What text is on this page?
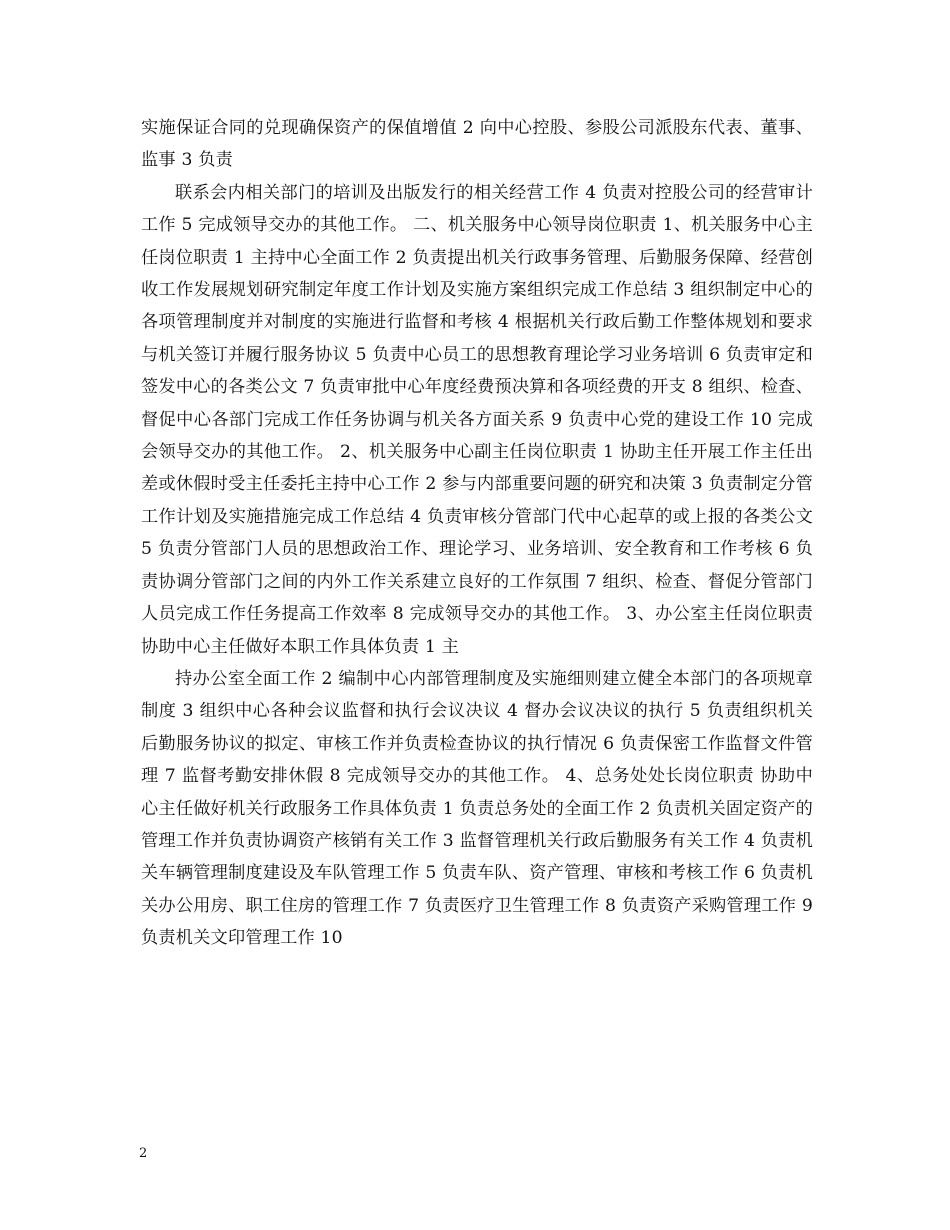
实施保证合同的兑现确保资产的保值增值 2 向中心控股、参股公司派股东代表、董事、监事 3 负责

联系会内相关部门的培训及出版发行的相关经营工作 4 负责对控股公司的经营审计工作 5 完成领导交办的其他工作。 二、机关服务中心领导岗位职责 1、机关服务中心主任岗位职责 1 主持中心全面工作 2 负责提出机关行政事务管理、后勤服务保障、经营创收工作发展规划研究制定年度工作计划及实施方案组织完成工作总结 3 组织制定中心的各项管理制度并对制度的实施进行监督和考核 4 根据机关行政后勤工作整体规划和要求与机关签订并履行服务协议 5 负责中心员工的思想教育理论学习业务培训 6 负责审定和签发中心的各类公文 7 负责审批中心年度经费预决算和各项经费的开支 8 组织、检查、督促中心各部门完成工作任务协调与机关各方面关系 9 负责中心党的建设工作 10 完成会领导交办的其他工作。 2、机关服务中心副主任岗位职责 1 协助主任开展工作主任出差或休假时受主任委托主持中心工作 2 参与内部重要问题的研究和决策 3 负责制定分管工作计划及实施措施完成工作总结 4 负责审核分管部门代中心起草的或上报的各类公文 5 负责分管部门人员的思想政治工作、理论学习、业务培训、安全教育和工作考核 6 负责协调分管部门之间的内外工作关系建立良好的工作氛围 7 组织、检查、督促分管部门人员完成工作任务提高工作效率 8 完成领导交办的其他工作。 3、办公室主任岗位职责 协助中心主任做好本职工作具体负责 1 主

持办公室全面工作 2 编制中心内部管理制度及实施细则建立健全本部门的各项规章制度 3 组织中心各种会议监督和执行会议决议 4 督办会议决议的执行 5 负责组织机关后勤服务协议的拟定、审核工作并负责检查协议的执行情况 6 负责保密工作监督文件管理 7 监督考勤安排休假 8 完成领导交办的其他工作。 4、总务处处长岗位职责 协助中心主任做好机关行政服务工作具体负责 1 负责总务处的全面工作 2 负责机关固定资产的管理工作并负责协调资产核销有关工作 3 监督管理机关行政后勤服务有关工作 4 负责机关车辆管理制度建设及车队管理工作 5 负责车队、资产管理、审核和考核工作 6 负责机关办公用房、职工住房的管理工作 7 负责医疗卫生管理工作 8 负责资产采购管理工作 9 负责机关文印管理工作 10

2
